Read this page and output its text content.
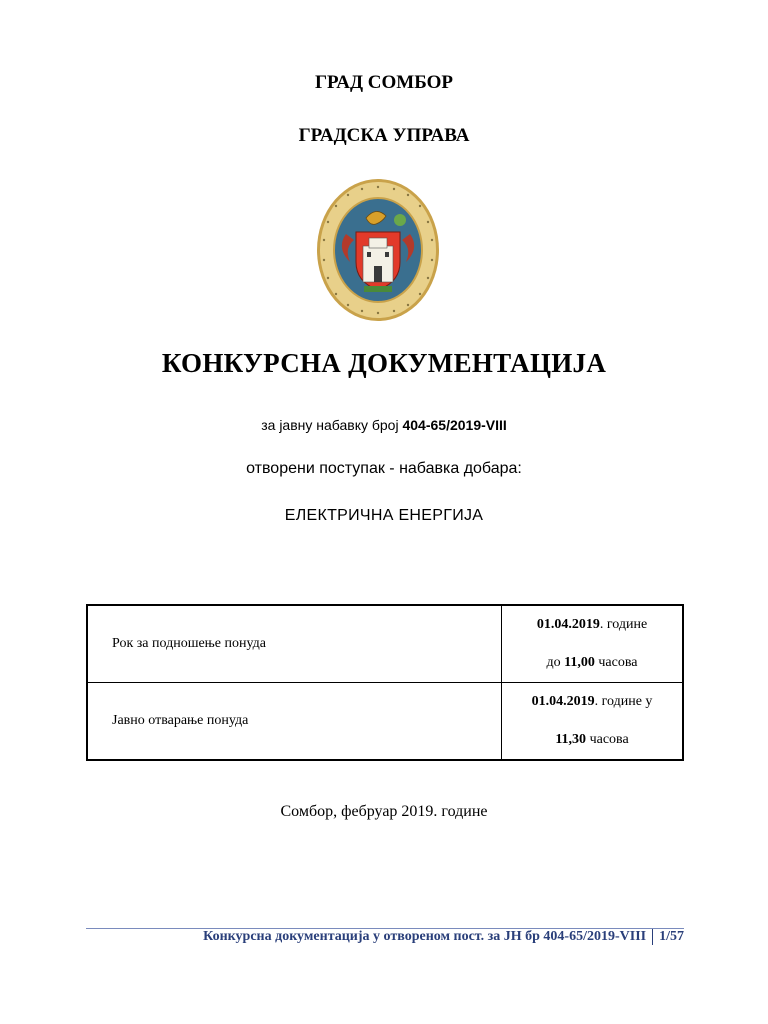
ГРАД СОМБОР
ГРАДСКА УПРАВА
КОНКУРСНА ДОКУМЕНТАЦИЈА
за јавну набавку број 404-65/2019-VIII
отворени поступак - набавка добара:
ЕЛЕКТРИЧНА ЕНЕРГИЈА
Рок за подношење понуда	01.04.2019. године
до 11,00 часова

Јавно отварање понуда	01.04.2019. године у
11,30 часова
Сомбор, фебруар 2019. године
Конкурсна документација у отвореном пост. за ЈН бр 404-65/2019-VIII 1/57
